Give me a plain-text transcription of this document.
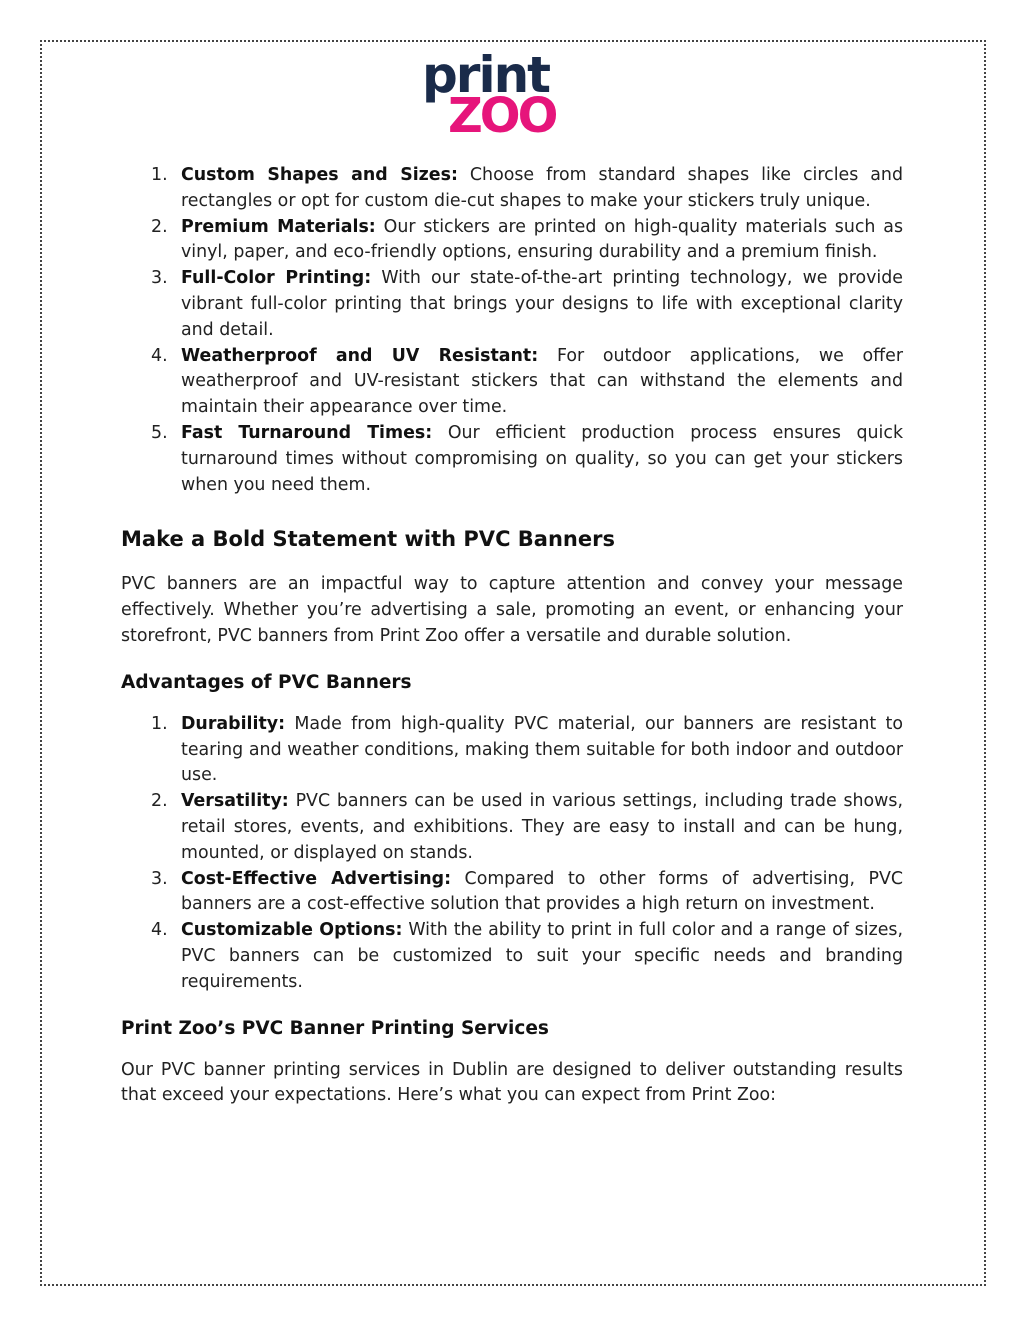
print
ZOO
1. Custom Shapes and Sizes: Choose from standard shapes like circles and rectangles or opt for custom die-cut shapes to make your stickers truly unique.
2. Premium Materials: Our stickers are printed on high-quality materials such as vinyl, paper, and eco-friendly options, ensuring durability and a premium finish.
3. Full-Color Printing: With our state-of-the-art printing technology, we provide vibrant full-color printing that brings your designs to life with exceptional clarity and detail.
4. Weatherproof and UV Resistant: For outdoor applications, we offer weatherproof and UV-resistant stickers that can withstand the elements and maintain their appearance over time.
5. Fast Turnaround Times: Our efficient production process ensures quick turnaround times without compromising on quality, so you can get your stickers when you need them.
Make a Bold Statement with PVC Banners

PVC banners are an impactful way to capture attention and convey your message effectively. Whether you’re advertising a sale, promoting an event, or enhancing your storefront, PVC banners from Print Zoo offer a versatile and durable solution.

Advantages of PVC Banners
1. Durability: Made from high-quality PVC material, our banners are resistant to tearing and weather conditions, making them suitable for both indoor and outdoor use.
2. Versatility: PVC banners can be used in various settings, including trade shows, retail stores, events, and exhibitions. They are easy to install and can be hung, mounted, or displayed on stands.
3. Cost-Effective Advertising: Compared to other forms of advertising, PVC banners are a cost-effective solution that provides a high return on investment.
4. Customizable Options: With the ability to print in full color and a range of sizes, PVC banners can be customized to suit your specific needs and branding requirements.
Print Zoo’s PVC Banner Printing Services

Our PVC banner printing services in Dublin are designed to deliver outstanding results that exceed your expectations. Here’s what you can expect from Print Zoo:
